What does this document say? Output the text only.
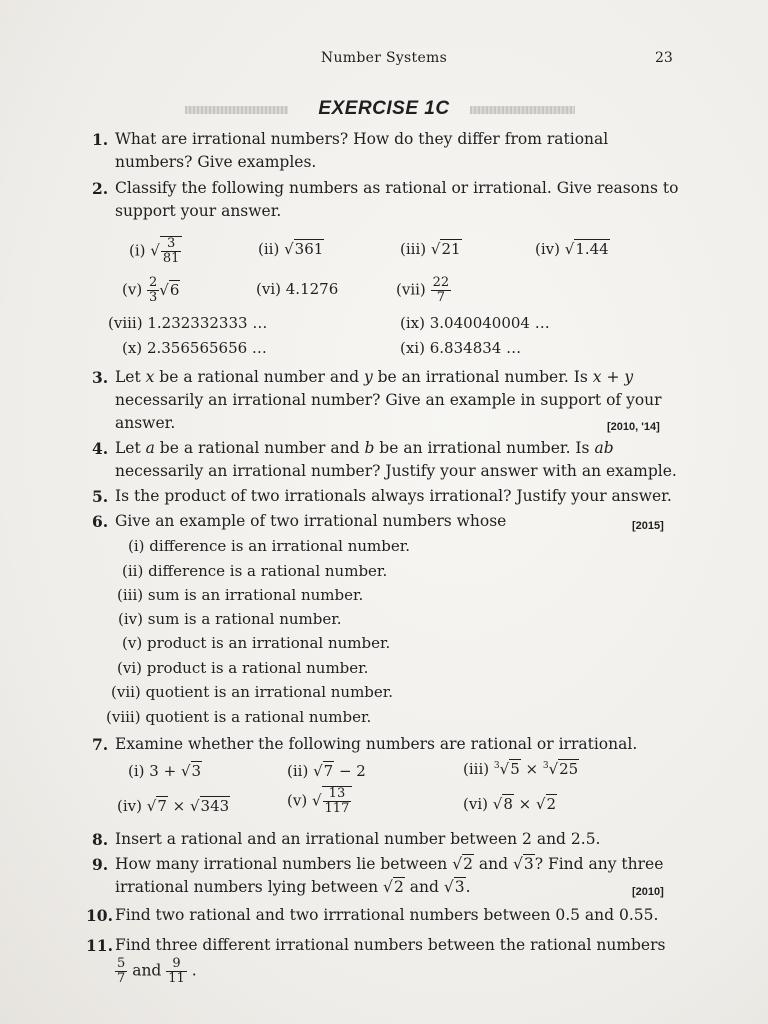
Number Systems	23
EXERCISE 1C
1. What are irrational numbers? How do they differ from rational
numbers? Give examples.
2. Classify the following numbers as rational or irrational. Give reasons to
support your answer.
(i) √ $\frac{3}{81}$	(ii) √361	(iii) √21	(iv) √1.44
$(v) \frac{2}{3} √6$	(vi) 4.1276	$(vii) \frac{22}{7}$
(viii) 1.232332333 …	(ix) 3.040040004 …
(x) 2.356565656 …	(xi) 6.834834 …
3. Let x be a rational number and y be an irrational number. Is x + y
necessarily an irrational number? Give an example in support of your
answer.	[2010, '14]
4. Let a be a rational number and b be an irrational number. Is ab
necessarily an irrational number? Justify your answer with an example.
5. Is the product of two irrationals always irrational? Justify your answer.
6. Give an example of two irrational numbers whose	[2015]
(i) difference is an irrational number.
(ii) difference is a rational number.
(iii) sum is an irrational number.
(iv) sum is a rational number.
(v) product is an irrational number.
(vi) product is a rational number.
(vii) quotient is an irrational number.
(viii) quotient is a rational number.
7. Examine whether the following numbers are rational or irrational.
(i) 3 + √3	(ii) √7 − 2	(iii) $^3$√5 × $^3$√25
(iv) √7 × √343	(v) √ $\frac{13}{117}$	(vi) √8 × √2
8. Insert a rational and an irrational number between 2 and 2.5.
9. How many irrational numbers lie between √2 and √3? Find any three
irrational numbers lying between √2 and √3.	[2010]
10. Find two rational and two irrrational numbers between 0.5 and 0.55.
11. Find three different irrational numbers between the rational numbers
$\frac{5}{7}$ and $\frac{9}{11}$ .
